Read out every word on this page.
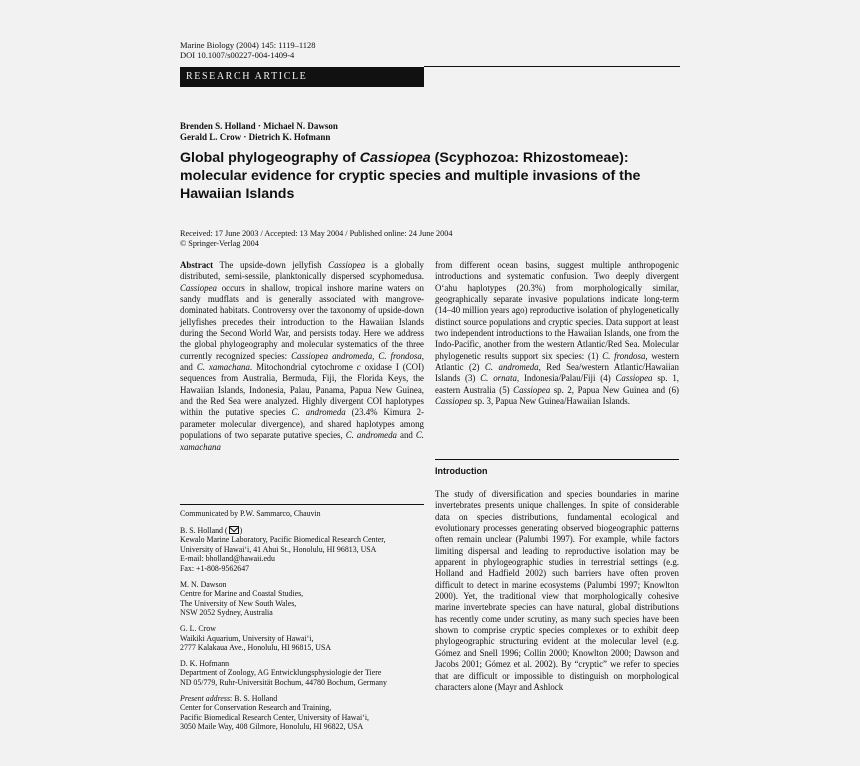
Marine Biology (2004) 145: 1119–1128
DOI 10.1007/s00227-004-1409-4
RESEARCH ARTICLE
Brenden S. Holland · Michael N. Dawson
Gerald L. Crow · Dietrich K. Hofmann
Global phylogeography of Cassiopea (Scyphozoa: Rhizostomeae): molecular evidence for cryptic species and multiple invasions of the Hawaiian Islands
Received: 17 June 2003 / Accepted: 13 May 2004 / Published online: 24 June 2004
© Springer-Verlag 2004

Abstract The upside-down jellyfish Cassiopea is a globally distributed, semi-sessile, planktonically dispersed scyphomedusa. Cassiopea occurs in shallow, tropical inshore marine waters on sandy mudflats and is generally associated with mangrove-dominated habitats. Controversy over the taxonomy of upside-down jellyfishes precedes their introduction to the Hawaiian Islands during the Second World War, and persists today. Here we address the global phylogeography and molecular systematics of the three currently recognized species: Cassiopea andromeda, C. frondosa, and C. xamachana. Mitochondrial cytochrome c oxidase I (COI) sequences from Australia, Bermuda, Fiji, the Florida Keys, the Hawaiian Islands, Indonesia, Palau, Panama, Papua New Guinea, and the Red Sea were analyzed. Highly divergent COI haplotypes within the putative species C. andromeda (23.4% Kimura 2-parameter molecular divergence), and shared haplotypes among populations of two separate putative species, C. andromeda and C. xamachana

from different ocean basins, suggest multiple anthropogenic introductions and systematic confusion. Two deeply divergent O‘ahu haplotypes (20.3%) from morphologically similar, geographically separate invasive populations indicate long-term (14–40 million years ago) reproductive isolation of phylogenetically distinct source populations and cryptic species. Data support at least two independent introductions to the Hawaiian Islands, one from the Indo-Pacific, another from the western Atlantic/Red Sea. Molecular phylogenetic results support six species: (1) C. frondosa, western Atlantic (2) C. andromeda, Red Sea/western Atlantic/Hawaiian Islands (3) C. ornata, Indonesia/Palau/Fiji (4) Cassiopea sp. 1, eastern Australia (5) Cassiopea sp. 2, Papua New Guinea and (6) Cassiopea sp. 3, Papua New Guinea/Hawaiian Islands.

Introduction

The study of diversification and species boundaries in marine invertebrates presents unique challenges. In spite of considerable data on species distributions, fundamental ecological and evolutionary processes generating observed biogeographic patterns often remain unclear (Palumbi 1997). For example, while factors limiting dispersal and leading to reproductive isolation may be apparent in phylogeographic studies in terrestrial settings (e.g. Holland and Hadfield 2002) such barriers have often proven difficult to detect in marine ecosystems (Palumbi 1997; Knowlton 2000). Yet, the traditional view that morphologically cohesive marine invertebrate species can have natural, global distributions has recently come under scrutiny, as many such species have been shown to comprise cryptic species complexes or to exhibit deep phylogeographic structuring evident at the molecular level (e.g. Gómez and Snell 1996; Collin 2000; Knowlton 2000; Dawson and Jacobs 2001; Gómez et al. 2002). By “cryptic” we refer to species that are difficult or impossible to distinguish on morphological characters alone (Mayr and Ashlock

Communicated by P.W. Sammarco, Chauvin
B. S. Holland ( )
Kewalo Marine Laboratory, Pacific Biomedical Research Center,
University of Hawai‘i, 41 Ahui St., Honolulu, HI 96813, USA
E-mail: bholland@hawaii.edu
Fax: +1-808-9562647
M. N. Dawson
Centre for Marine and Coastal Studies,
The University of New South Wales,
NSW 2052 Sydney, Australia
G. L. Crow
Waikiki Aquarium, University of Hawai‘i,
2777 Kalakaua Ave., Honolulu, HI 96815, USA
D. K. Hofmann
Department of Zoology, AG Entwicklungsphysiologie der Tiere
ND 05/779, Ruhr-Universität Bochum, 44780 Bochum, Germany
Present address: B. S. Holland
Center for Conservation Research and Training,
Pacific Biomedical Research Center, University of Hawai‘i,
3050 Maile Way, 408 Gilmore, Honolulu, HI 96822, USA
